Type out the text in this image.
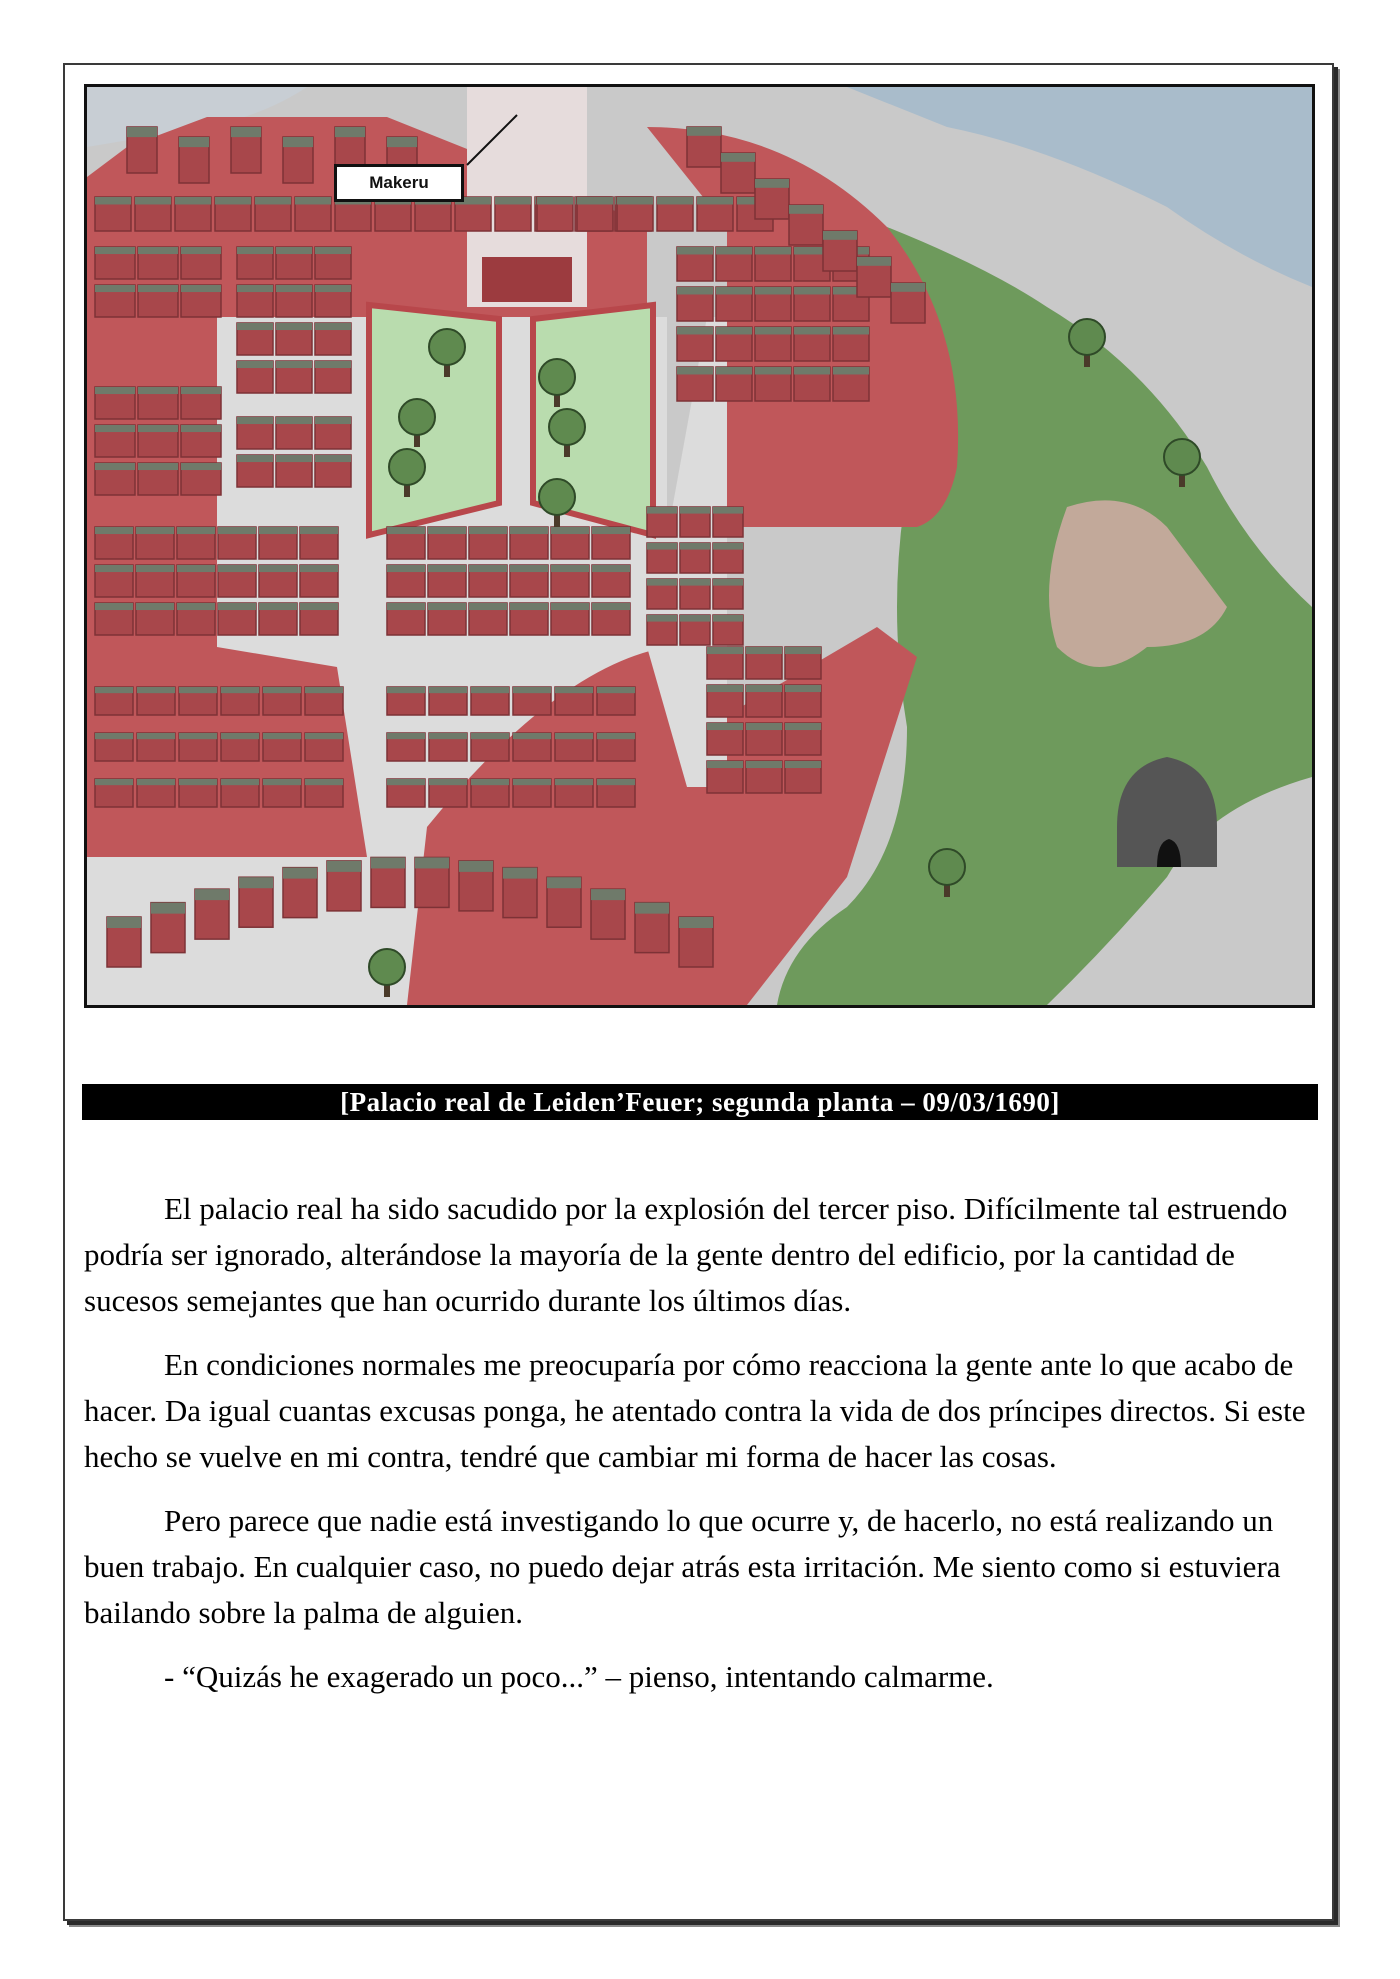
Makeru
[Palacio real de Leiden’Feuer; segunda planta – 09/03/1690]

El palacio real ha sido sacudido por la explosión del tercer piso. Difícilmente tal estruendo podría ser ignorado, alterándose la mayoría de la gente dentro del edificio, por la cantidad de sucesos semejantes que han ocurrido durante los últimos días.

En condiciones normales me preocuparía por cómo reacciona la gente ante lo que acabo de hacer. Da igual cuantas excusas ponga, he atentado contra la vida de dos príncipes directos. Si este hecho se vuelve en mi contra, tendré que cambiar mi forma de hacer las cosas.

Pero parece que nadie está investigando lo que ocurre y, de hacerlo, no está realizando un buen trabajo. En cualquier caso, no puedo dejar atrás esta irritación. Me siento como si estuviera bailando sobre la palma de alguien.

- “Quizás he exagerado un poco...” – pienso, intentando calmarme.
